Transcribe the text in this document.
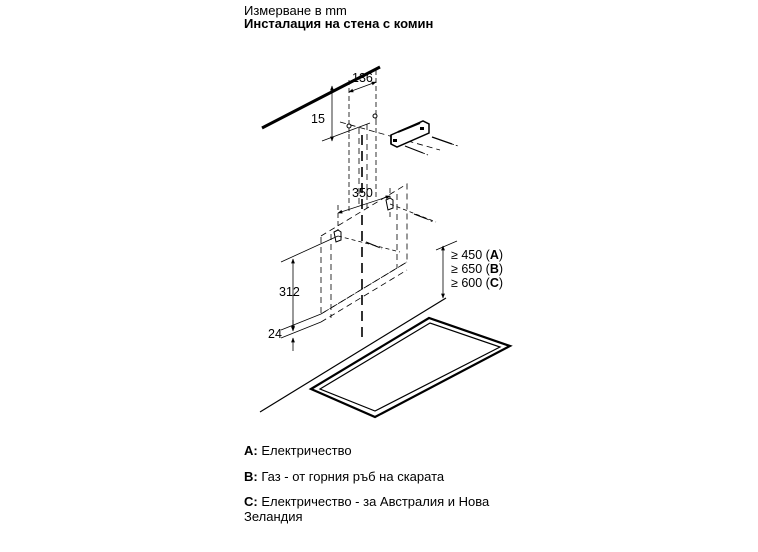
Измерване в mm
Инсталация на стена с комин
136
15
350
312
24
≥ 450 (A)
≥ 650 (B)
≥ 600 (C)
A: Електричество
B: Газ - от горния ръб на скарата
C: Електричество - за Австралия и Нова Зеландия
